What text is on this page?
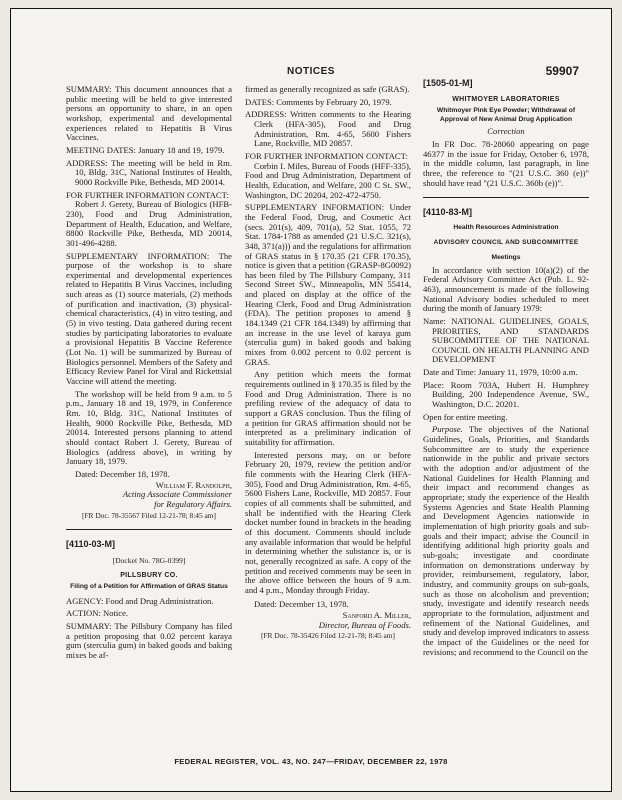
NOTICES	59907

SUMMARY: This document announces that a public meeting will be held to give interested persons an opportunity to share, in an open workshop, experimental and developmental experiences related to Hepatitis B Virus Vaccines.

MEETING DATES: January 18 and 19, 1979.

ADDRESS: The meeting will be held in Rm. 10, Bldg. 31C, National Institutes of Health, 9000 Rockville Pike, Bethesda, MD 20014.

FOR FURTHER INFORMATION CONTACT:

Robert J. Gerety, Bureau of Biologics (HFB-230), Food and Drug Administration, Department of Health, Education, and Welfare, 8800 Rockville Pike, Bethesda, MD 20014, 301-496-4288.

SUPPLEMENTARY INFORMATION: The purpose of the workshop is to share experimental and developmental experiences related to Hepatitis B Virus Vaccines, including such areas as (1) source materials, (2) methods of purification and inactivation, (3) physical-chemical characteristics, (4) in vitro testing, and (5) in vivo testing. Data gathered during recent studies by participating laboratories to evaluate a provisional Hepatitis B Vaccine Reference (Lot No. 1) will be summarized by Bureau of Biologics personnel. Members of the Safety and Efficacy Review Panel for Viral and Rickettsial Vaccine will attend the meeting.

The workshop will be held from 9 a.m. to 5 p.m., January 18 and 19, 1979, in Conference Rm. 10, Bldg. 31C, National Institutes of Health, 9000 Rockville Pike, Bethesda, MD 20014. Interested persons planning to attend should contact Robert J. Gerety, Bureau of Biologics (address above), in writing by January 18, 1979.

Dated: December 18, 1978.

William F. Randolph,

Acting Associate Commissioner

for Regulatory Affairs.

[FR Doc. 78-35567 Filed 12-21-78; 8:45 am]

[4110-03-M]

[Docket No. 78G-0399]

PILLSBURY CO.

Filing of a Petition for Affirmation of GRAS Status

AGENCY: Food and Drug Administration.

ACTION: Notice.

SUMMARY: The Pillsbury Company has filed a petition proposing that 0.02 percent karaya gum (sterculia gum) in baked goods and baking mixes be af-

firmed as generally recognized as safe (GRAS).

DATES: Comments by February 20, 1979.

ADDRESS: Written comments to the Hearing Clerk (HFA-305), Food and Drug Administration, Rm. 4-65, 5600 Fishers Lane, Rockville, MD 20857.

FOR FURTHER INFORMATION CONTACT:

Corbin I. Miles, Bureau of Foods (HFF-335), Food and Drug Administration, Department of Health, Education, and Welfare, 200 C St. SW., Washington, DC 20204, 202-472-4750.

SUPPLEMENTARY INFORMATION: Under the Federal Food, Drug, and Cosmetic Act (secs. 201(s), 409, 701(a), 52 Stat. 1055, 72 Stat. 1784-1788 as amended (21 U.S.C. 321(s), 348, 371(a))) and the regulations for affirmation of GRAS status in § 170.35 (21 CFR 170.35), notice is given that a petition (GRASP-8G0092) has been filed by The Pillsbury Company, 311 Second Street SW., Minneapolis, MN 55414, and placed on display at the office of the Hearing Clerk, Food and Drug Administration (FDA). The petition proposes to amend § 184.1349 (21 CFR 184.1349) by affirming that an increase in the use level of karaya gum (sterculia gum) in baked goods and baking mixes from 0.002 percent to 0.02 percent is GRAS.

Any petition which meets the format requirements outlined in § 170.35 is filed by the Food and Drug Administration. There is no prefiling review of the adequacy of data to support a GRAS conclusion. Thus the filing of a petition for GRAS affirmation should not be interpreted as a preliminary indication of suitability for affirmation.

Interested persons may, on or before February 20, 1979, review the petition and/or file comments with the Hearing Clerk (HFA-305), Food and Drug Administration, Rm. 4-65, 5600 Fishers Lane, Rockville, MD 20857. Four copies of all comments shall be submitted, and shall be indentified with the Hearing Clerk docket number found in brackets in the heading of this document. Comments should include any available information that would be helpful in determining whether the substance is, or is not, generally recognized as safe. A copy of the petition and received comments may be seen in the above office between the hours of 9 a.m. and 4 p.m., Monday through Friday.

Dated: December 13, 1978.

Sanford A. Miller,

Director, Bureau of Foods.

[FR Doc. 78-35426 Filed 12-21-78; 8:45 am]

[1505-01-M]

WHITMOYER LABORATORIES

Whitmoyer Pink Eye Powder; Withdrawal of Approval of New Animal Drug Application

Correction

In FR Doc. 78-28060 appearing on page 46377 in the issue for Friday, October 6, 1978, in the middle column, last paragraph, in line three, the reference to "(21 U.S.C. 360 (e))" should have read "(21 U.S.C. 360b (e))".

[4110-83-M]

Health Resources Administration

ADVISORY COUNCIL AND SUBCOMMITTEE

Meetings

In accordance with section 10(a)(2) of the Federal Advisory Committee Act (Pub. L. 92-463), announcement is made of the following National Advisory bodies scheduled to meet during the month of January 1979:

Name: NATIONAL GUIDELINES, GOALS, PRIORITIES, AND STANDARDS SUBCOMMITTEE OF THE NATIONAL COUNCIL ON HEALTH PLANNING AND DEVELOPMENT

Date and Time: January 11, 1979, 10:00 a.m.

Place: Room 703A, Hubert H. Humphrey Building, 200 Independence Avenue, SW., Washington, D.C. 20201.

Open for entire meeting.

Purpose. The objectives of the National Guidelines, Goals, Priorities, and Standards Subcommittee are to study the experience nationwide in the public and private sectors with the adoption and/or adjustment of the National Guidelines for Health Planning and their impact and recommend changes as appropriate; study the experience of the Health Systems Agencies and State Health Planning and Development Agencies nationwide in implementation of high priority goals and sub-goals and their impact; advise the Council in identifying additional high priority goals and sub-goals; investigate and coordinate information on demonstrations underway by provider, reimbursement, regulatory, labor, industry, and community groups on sub-goals, such as those on alcoholism and prevention; study, investigate and identify research needs appropriate to the formulation, adjustment and refinement of the National Guidelines, and study and develop improved indicators to assess the impact of the Guidelines or the need for revisions; and recommend to the Council on the

FEDERAL REGISTER, VOL. 43, NO. 247—FRIDAY, DECEMBER 22, 1978
